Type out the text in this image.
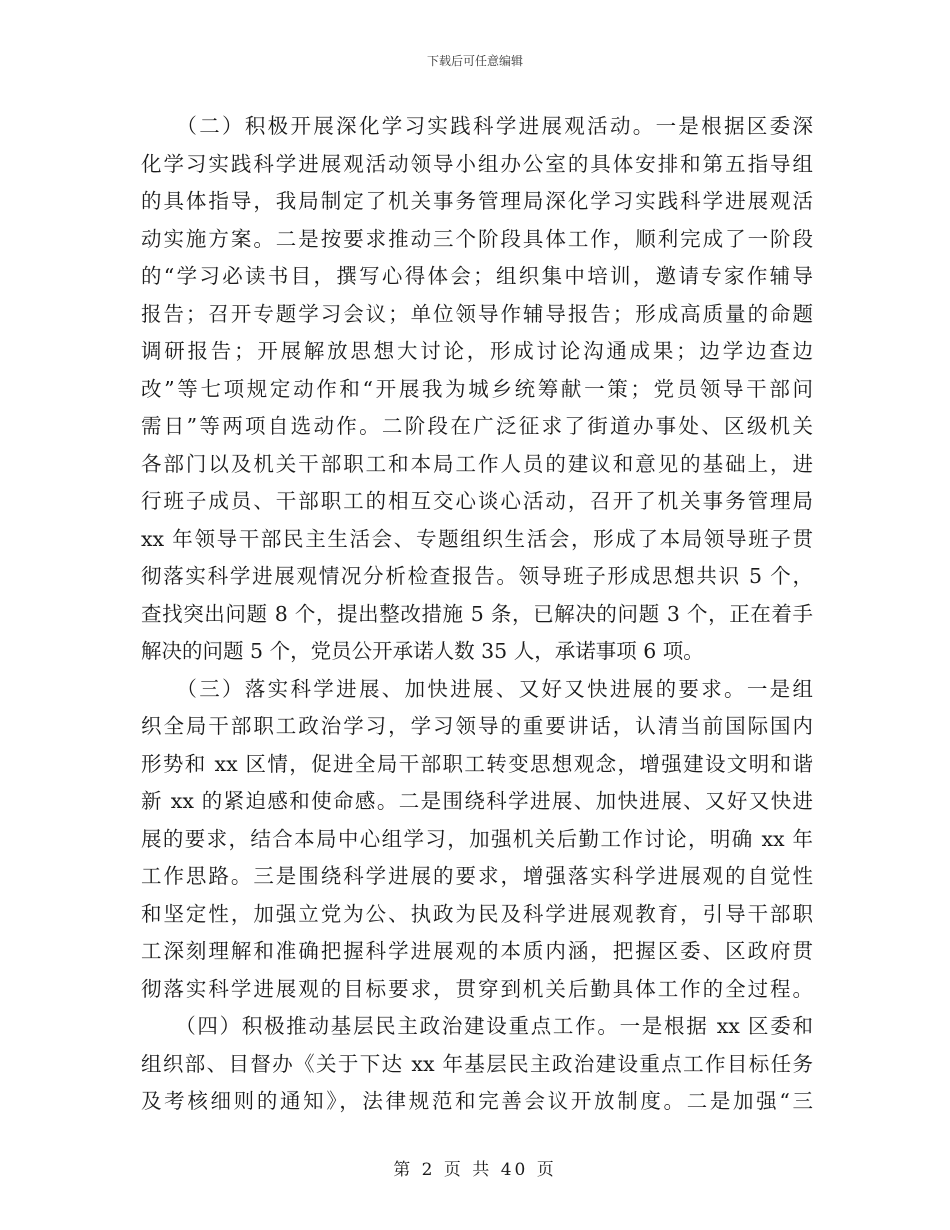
下载后可任意编辑
　　（二）积极开展深化学习实践科学进展观活动。一是根据区委深
化学习实践科学进展观活动领导小组办公室的具体安排和第五指导组
的具体指导，我局制定了机关事务管理局深化学习实践科学进展观活
动实施方案。二是按要求推动三个阶段具体工作，顺利完成了一阶段
的“学习必读书目，撰写心得体会；组织集中培训，邀请专家作辅导
报告；召开专题学习会议；单位领导作辅导报告；形成高质量的命题
调研报告；开展解放思想大讨论，形成讨论沟通成果；边学边查边
改”等七项规定动作和“开展我为城乡统筹献一策；党员领导干部问
需日”等两项自选动作。二阶段在广泛征求了街道办事处、区级机关
各部门以及机关干部职工和本局工作人员的建议和意见的基础上，进
行班子成员、干部职工的相互交心谈心活动，召开了机关事务管理局
xx 年领导干部民主生活会、专题组织生活会，形成了本局领导班子贯
彻落实科学进展观情况分析检查报告。领导班子形成思想共识 5 个，
查找突出问题 8 个，提出整改措施 5 条，已解决的问题 3 个，正在着手
解决的问题 5 个，党员公开承诺人数 35 人，承诺事项 6 项。
　　（三）落实科学进展、加快进展、又好又快进展的要求。一是组
织全局干部职工政治学习，学习领导的重要讲话，认清当前国际国内
形势和 xx 区情，促进全局干部职工转变思想观念，增强建设文明和谐
新 xx 的紧迫感和使命感。二是围绕科学进展、加快进展、又好又快进
展的要求，结合本局中心组学习，加强机关后勤工作讨论，明确 xx 年
工作思路。三是围绕科学进展的要求，增强落实科学进展观的自觉性
和坚定性，加强立党为公、执政为民及科学进展观教育，引导干部职
工深刻理解和准确把握科学进展观的本质内涵，把握区委、区政府贯
彻落实科学进展观的目标要求，贯穿到机关后勤具体工作的全过程。
　　（四）积极推动基层民主政治建设重点工作。一是根据 xx 区委和
组织部、目督办《关于下达 xx 年基层民主政治建设重点工作目标任务
及考核细则的通知》，法律规范和完善会议开放制度。二是加强“三
第 2 页 共 40 页
